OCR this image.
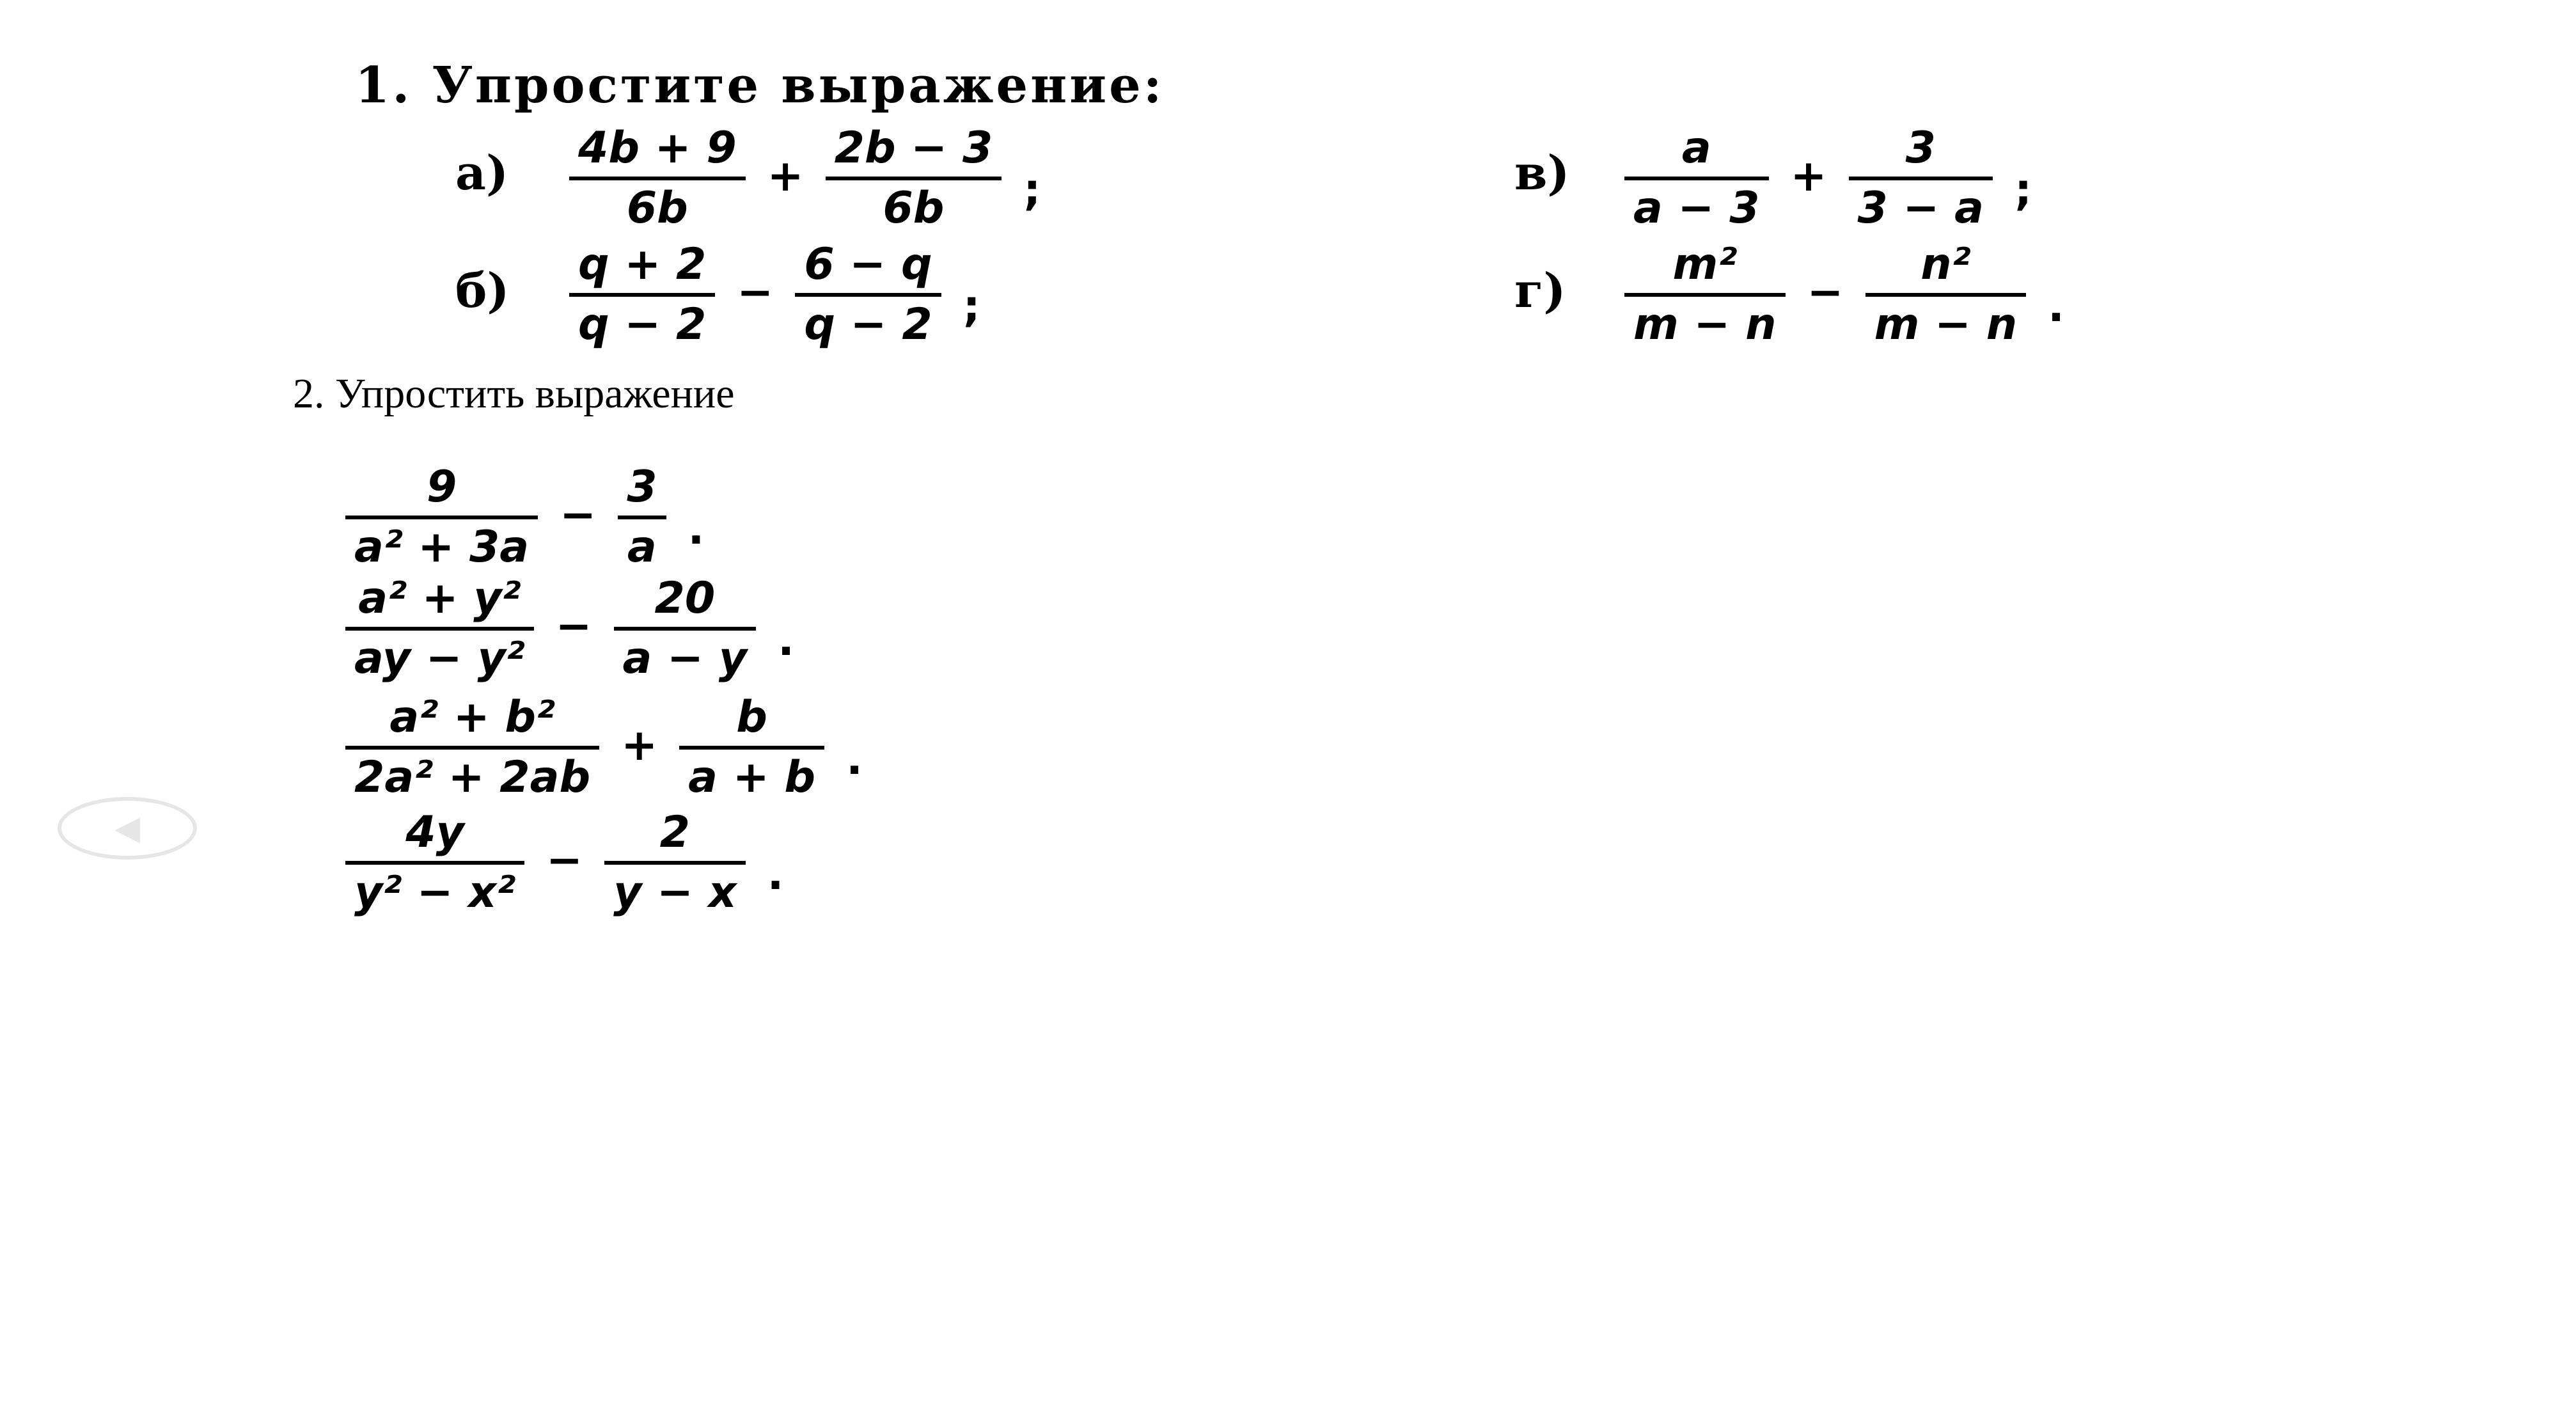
1. Упростите выражение:
а) 4b + 9
6b
+
2b − 3
6b ;
б) q + 2
q − 2
−
6 − q
q − 2 ;
в)	a
a − 3
+
3
3 − a ;
г) m²
m − n
−
n²
m − n .
2. Упростить выражение
9
a² + 3a
−
3
a .
a² + y²
ay − y²
−
20
a − y .
a² + b²
2a² + 2ab
+
b
a + b .
4y
y² − x²
−
2
y − x .
◀
